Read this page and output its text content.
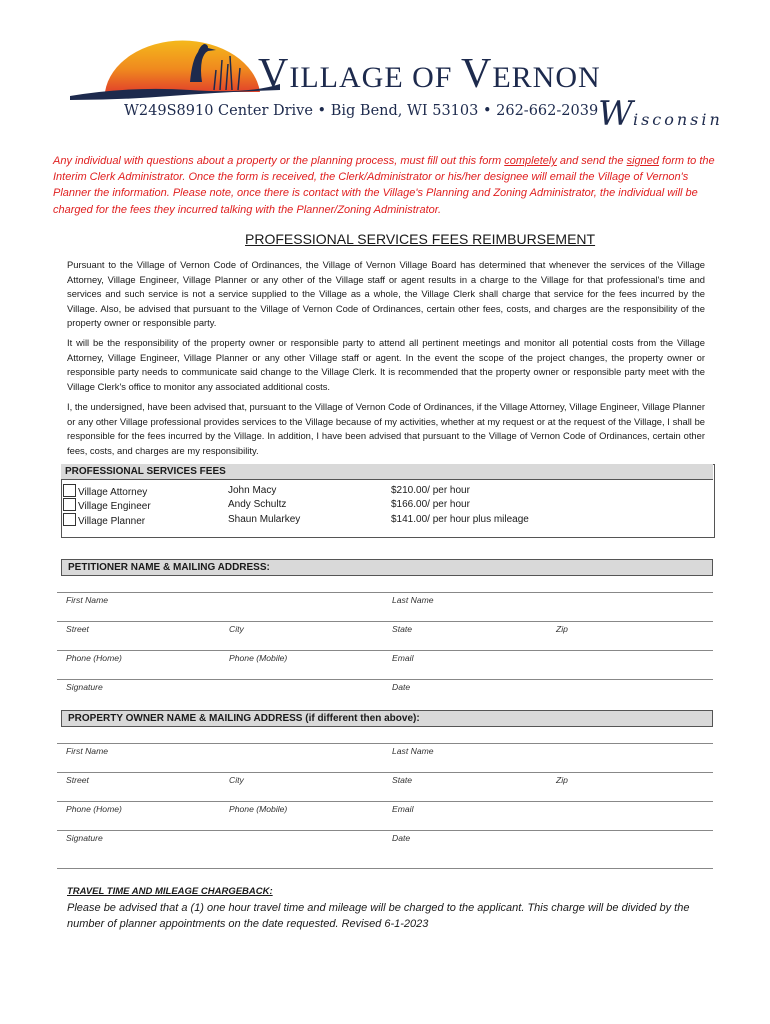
VILLAGE OF VERNON
W249S8910 Center Drive • Big Bend, WI 53103 • 262-662-2039 Wisconsin
Any individual with questions about a property or the planning process, must fill out this form completely and send the signed form to the Interim Clerk Administrator. Once the form is received, the Clerk/Administrator or his/her designee will email the Village of Vernon's Planner the information. Please note, once there is contact with the Village's Planning and Zoning Administrator, the individual will be charged for the fees they incurred talking with the Planner/Zoning Administrator.
PROFESSIONAL SERVICES FEES REIMBURSEMENT
Pursuant to the Village of Vernon Code of Ordinances, the Village of Vernon Village Board has determined that whenever the services of the Village Attorney, Village Engineer, Village Planner or any other of the Village staff or agent results in a charge to the Village for that professional's time and services and such service is not a service supplied to the Village as a whole, the Village Clerk shall charge that service for the fees incurred by the Village. Also, be advised that pursuant to the Village of Vernon Code of Ordinances, certain other fees, costs, and charges are the responsibility of the property owner or responsible party.
It will be the responsibility of the property owner or responsible party to attend all pertinent meetings and monitor all potential costs from the Village Attorney, Village Engineer, Village Planner or any other Village staff or agent. In the event the scope of the project changes, the property owner or responsible party needs to communicate said change to the Village Clerk. It is recommended that the property owner or responsible party meet with the Village Clerk's office to monitor any associated additional costs.
I, the undersigned, have been advised that, pursuant to the Village of Vernon Code of Ordinances, if the Village Attorney, Village Engineer, Village Planner or any other Village professional provides services to the Village because of my activities, whether at my request or at the request of the Village, I shall be responsible for the fees incurred by the Village. In addition, I have been advised that pursuant to the Village of Vernon Code of Ordinances, certain other fees, costs, and charges are my responsibility.
PROFESSIONAL SERVICES FEES
Village Attorney	John Macy	$210.00/ per hour
Village Engineer	Andy Schultz	$166.00/ per hour
Village Planner	Shaun Mularkey	$141.00/ per hour plus mileage
PETITIONER NAME & MAILING ADDRESS:
First Name	Last Name
Street	City	State	Zip
Phone (Home)	Phone (Mobile)	Email
Signature	Date
PROPERTY OWNER NAME & MAILING ADDRESS (if different then above):
First Name	Last Name
Street	City	State	Zip
Phone (Home)	Phone (Mobile)	Email
Signature	Date
TRAVEL TIME AND MILEAGE CHARGEBACK:
Please be advised that a (1) one hour travel time and mileage will be charged to the applicant. This charge will be divided by the number of planner appointments on the date requested. Revised 6-1-2023
